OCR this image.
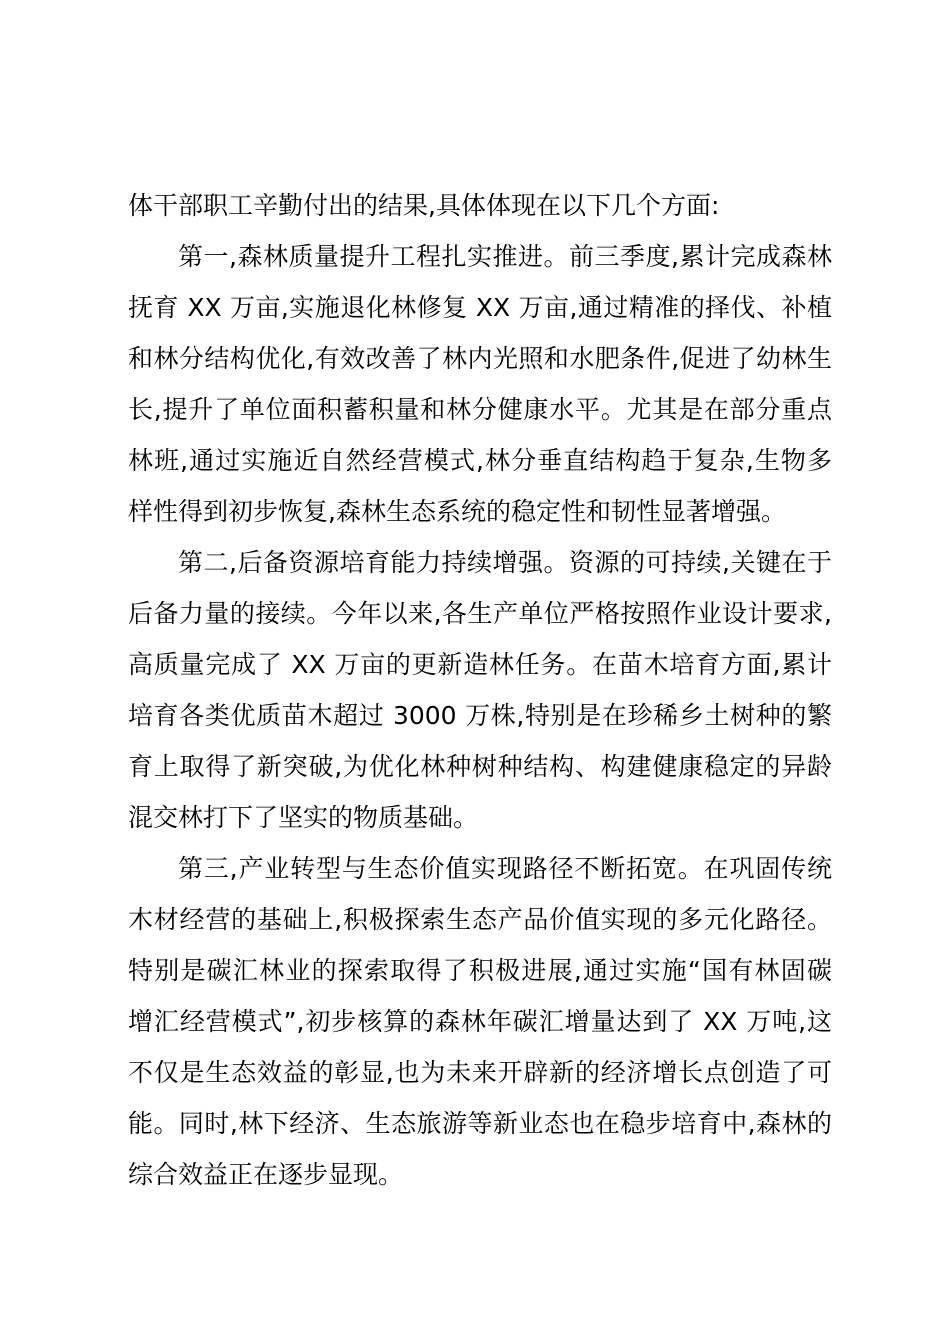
体干部职工辛勤付出的结果,具体体现在以下几个方面:
第一,森林质量提升工程扎实推进。前三季度,累计完成森林
抚育 XX 万亩,实施退化林修复 XX 万亩,通过精准的择伐、补植
和林分结构优化,有效改善了林内光照和水肥条件,促进了幼林生
长,提升了单位面积蓄积量和林分健康水平。尤其是在部分重点
林班,通过实施近自然经营模式,林分垂直结构趋于复杂,生物多
样性得到初步恢复,森林生态系统的稳定性和韧性显著增强。
第二,后备资源培育能力持续增强。资源的可持续,关键在于
后备力量的接续。今年以来,各生产单位严格按照作业设计要求,
高质量完成了 XX 万亩的更新造林任务。在苗木培育方面,累计
培育各类优质苗木超过 3000 万株,特别是在珍稀乡土树种的繁
育上取得了新突破,为优化林种树种结构、构建健康稳定的异龄
混交林打下了坚实的物质基础。
第三,产业转型与生态价值实现路径不断拓宽。在巩固传统
木材经营的基础上,积极探索生态产品价值实现的多元化路径。
特别是碳汇林业的探索取得了积极进展,通过实施“国有林固碳
增汇经营模式”,初步核算的森林年碳汇增量达到了 XX 万吨,这
不仅是生态效益的彰显,也为未来开辟新的经济增长点创造了可
能。同时,林下经济、生态旅游等新业态也在稳步培育中,森林的
综合效益正在逐步显现。
